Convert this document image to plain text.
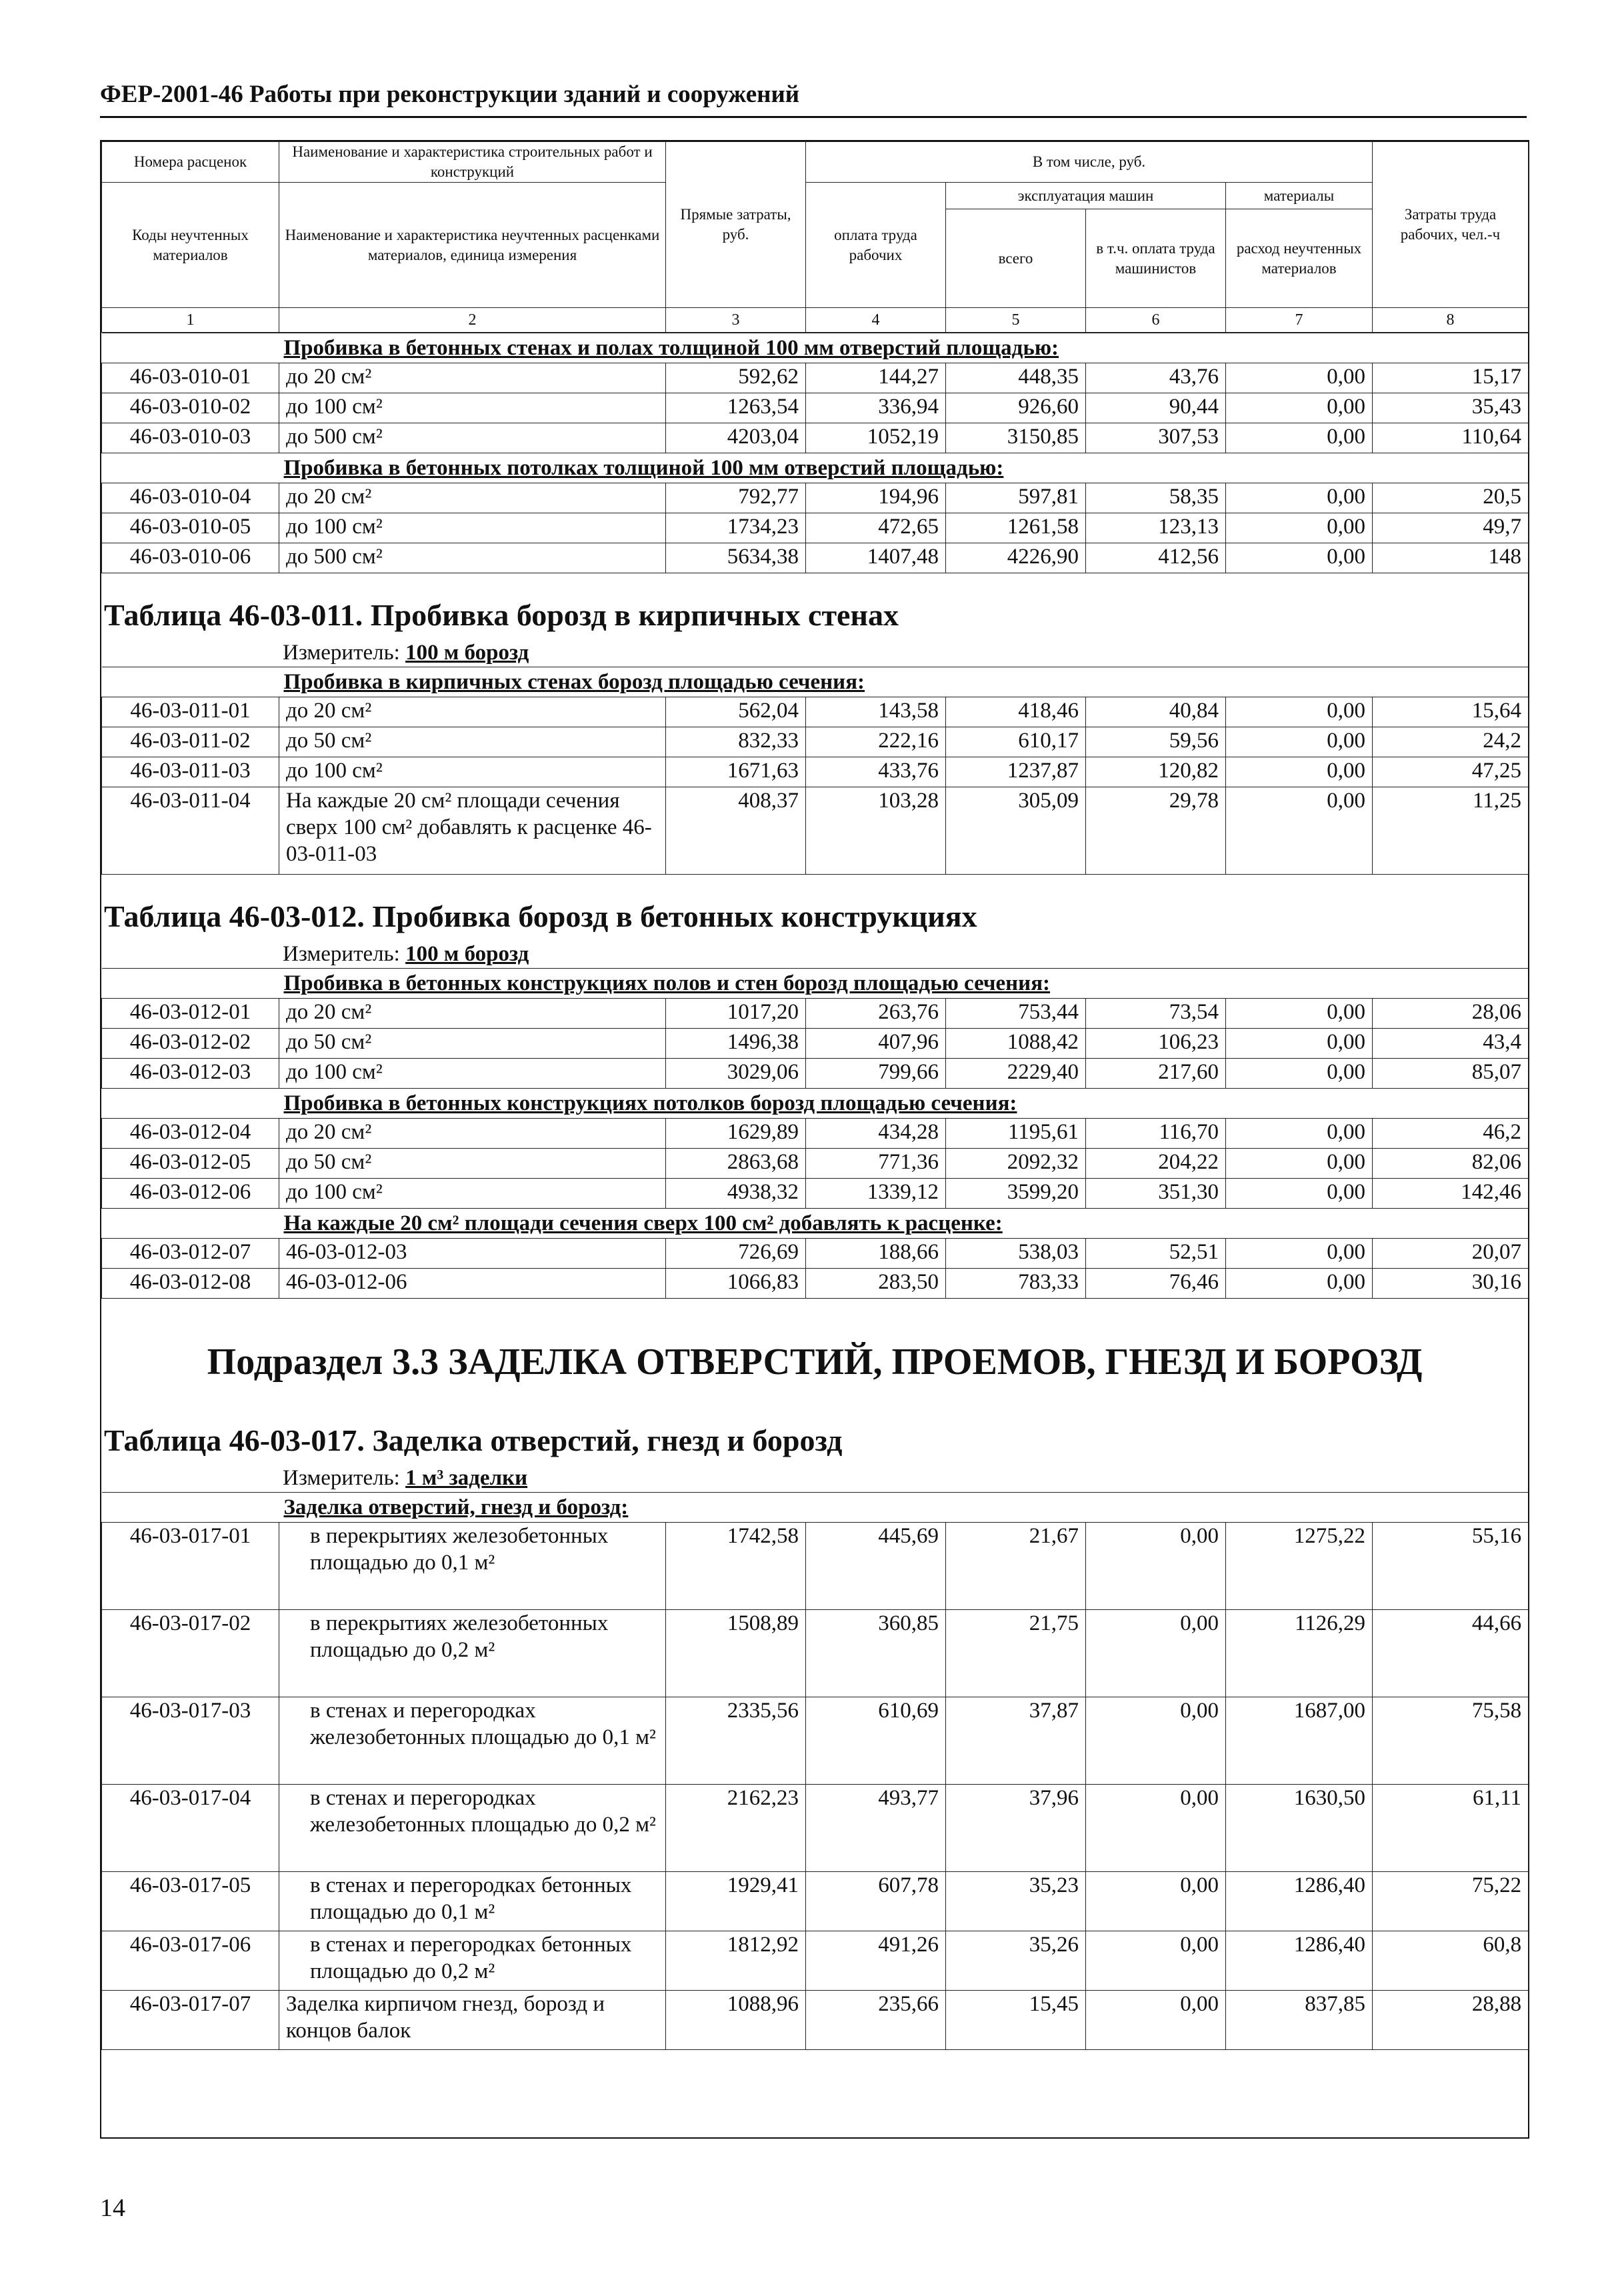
ФЕР-2001-46 Работы при реконструкции зданий и сооружений
Номера расценок	Наименование и характеристика строительных работ и конструкций	Прямые затраты, руб.	В том числе, руб.				Затраты труда рабочих, чел.-ч
Коды неучтенных материалов	Наименование и характеристика неучтенных расценками материалов, единица измерения		оплата труда рабочих	эксплуатация машин		материалы	
				всего	в т.ч. оплата труда машинистов	расход неучтенных материалов	
1	2	3	4	5	6	7	8
Пробивка в бетонных стенах и полах толщиной 100 мм отверстий площадью:							
46-03-010-01	до 20 см²	592,62	144,27	448,35	43,76	0,00	15,17
46-03-010-02	до 100 см²	1263,54	336,94	926,60	90,44	0,00	35,43
46-03-010-03	до 500 см²	4203,04	1052,19	3150,85	307,53	0,00	110,64
Пробивка в бетонных потолках толщиной 100 мм отверстий площадью:							
46-03-010-04	до 20 см²	792,77	194,96	597,81	58,35	0,00	20,5
46-03-010-05	до 100 см²	1734,23	472,65	1261,58	123,13	0,00	49,7
46-03-010-06	до 500 см²	5634,38	1407,48	4226,90	412,56	0,00	148
Таблица 46-03-011. Пробивка борозд в кирпичных стенах
Измеритель: 100 м борозд
Пробивка в кирпичных стенах борозд площадью сечения:							
46-03-011-01	до 20 см²	562,04	143,58	418,46	40,84	0,00	15,64
46-03-011-02	до 50 см²	832,33	222,16	610,17	59,56	0,00	24,2
46-03-011-03	до 100 см²	1671,63	433,76	1237,87	120,82	0,00	47,25
46-03-011-04	На каждые 20 см² площади сечения сверх 100 см² добавлять к расценке 46-03-011-03	408,37	103,28	305,09	29,78	0,00	11,25
Таблица 46-03-012. Пробивка борозд в бетонных конструкциях
Измеритель: 100 м борозд
Пробивка в бетонных конструкциях полов и стен борозд площадью сечения:							
46-03-012-01	до 20 см²	1017,20	263,76	753,44	73,54	0,00	28,06
46-03-012-02	до 50 см²	1496,38	407,96	1088,42	106,23	0,00	43,4
46-03-012-03	до 100 см²	3029,06	799,66	2229,40	217,60	0,00	85,07
Пробивка в бетонных конструкциях потолков борозд площадью сечения:							
46-03-012-04	до 20 см²	1629,89	434,28	1195,61	116,70	0,00	46,2
46-03-012-05	до 50 см²	2863,68	771,36	2092,32	204,22	0,00	82,06
46-03-012-06	до 100 см²	4938,32	1339,12	3599,20	351,30	0,00	142,46
На каждые 20 см² площади сечения сверх 100 см² добавлять к расценке:							
46-03-012-07	46-03-012-03	726,69	188,66	538,03	52,51	0,00	20,07
46-03-012-08	46-03-012-06	1066,83	283,50	783,33	76,46	0,00	30,16
Подраздел 3.3 ЗАДЕЛКА ОТВЕРСТИЙ, ПРОЕМОВ, ГНЕЗД И БОРОЗД
Таблица 46-03-017. Заделка отверстий, гнезд и борозд
Измеритель: 1 м³ заделки
Заделка отверстий, гнезд и борозд:							
46-03-017-01	в перекрытиях железобетонных площадью до 0,1 м²	1742,58	445,69	21,67	0,00	1275,22	55,16
46-03-017-02	в перекрытиях железобетонных площадью до 0,2 м²	1508,89	360,85	21,75	0,00	1126,29	44,66
46-03-017-03	в стенах и перегородках железобетонных площадью до 0,1 м²	2335,56	610,69	37,87	0,00	1687,00	75,58
46-03-017-04	в стенах и перегородках железобетонных площадью до 0,2 м²	2162,23	493,77	37,96	0,00	1630,50	61,11
46-03-017-05	в стенах и перегородках бетонных площадью до 0,1 м²	1929,41	607,78	35,23	0,00	1286,40	75,22
46-03-017-06	в стенах и перегородках бетонных площадью до 0,2 м²	1812,92	491,26	35,26	0,00	1286,40	60,8
46-03-017-07	Заделка кирпичом гнезд, борозд и концов балок	1088,96	235,66	15,45	0,00	837,85	28,88
14
